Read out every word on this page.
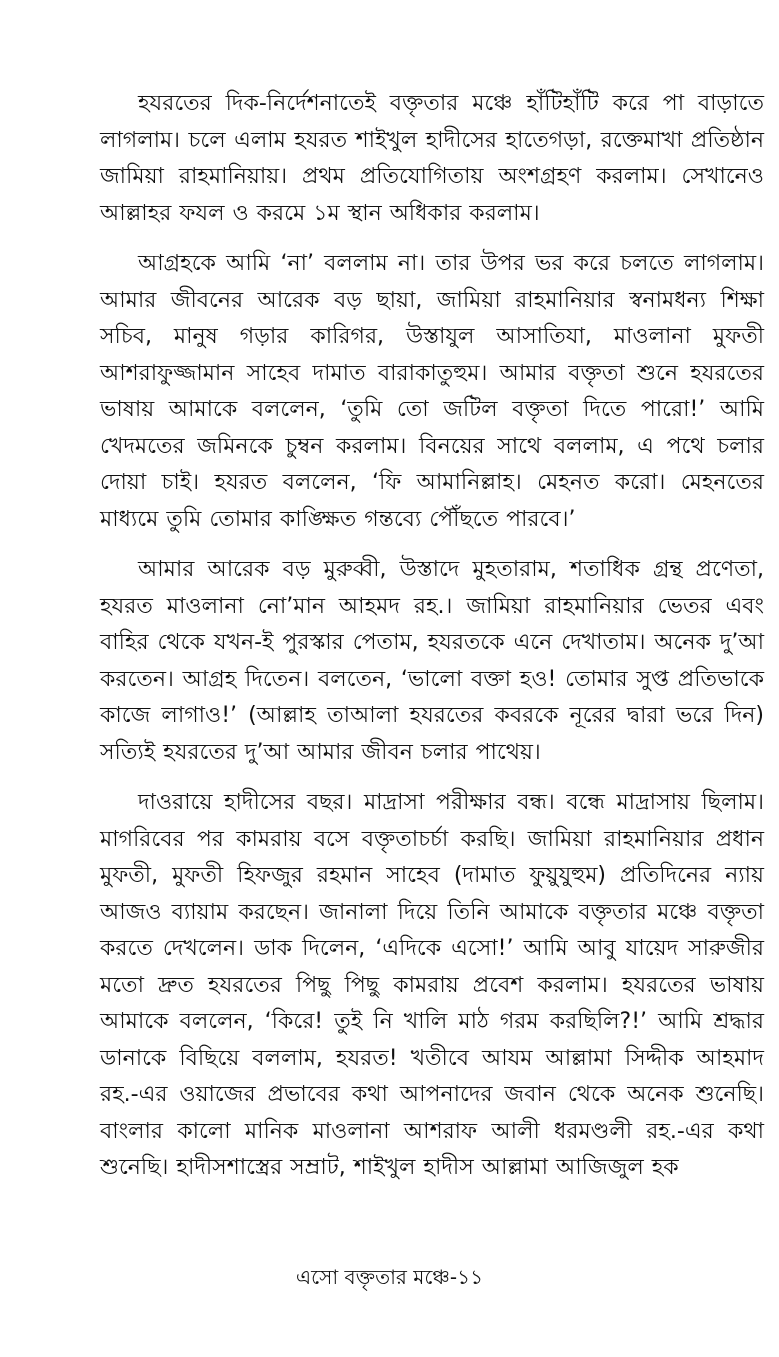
হযরতের দিক-নির্দেশনাতেই বক্তৃতার মঞ্চে হাঁটিহাঁটি করে পা বাড়াতে লাগলাম। চলে এলাম হযরত শাইখুল হাদীসের হাতেগড়া, রক্তেমাখা প্রতিষ্ঠান জামিয়া রাহমানিয়ায়। প্রথম প্রতিযোগিতায় অংশগ্রহণ করলাম। সেখানেও আল্লাহর ফযল ও করমে ১ম স্থান অধিকার করলাম।

আগ্রহকে আমি ‘না’ বললাম না। তার উপর ভর করে চলতে লাগলাম। আমার জীবনের আরেক বড় ছায়া, জামিয়া রাহমানিয়ার স্বনামধন্য শিক্ষা সচিব, মানুষ গড়ার কারিগর, উস্তাযুল আসাতিযা, মাওলানা মুফতী আশরাফুজ্জামান সাহেব দামাত বারাকাতুহুম। আমার বক্তৃতা শুনে হযরতের ভাষায় আমাকে বললেন, ‘তুমি তো জটিল বক্তৃতা দিতে পারো!’ আমি খেদমতের জমিনকে চুম্বন করলাম। বিনয়ের সাথে বললাম, এ পথে চলার দোয়া চাই। হযরত বললেন, ‘ফি আমানিল্লাহ। মেহনত করো। মেহনতের মাধ্যমে তুমি তোমার কাঙ্ক্ষিত গন্তব্যে পৌঁছতে পারবে।’

আমার আরেক বড় মুরুব্বী, উস্তাদে মুহতারাম, শতাধিক গ্রন্থ প্রণেতা, হযরত মাওলানা নো’মান আহমদ রহ.। জামিয়া রাহমানিয়ার ভেতর এবং বাহির থেকে যখন-ই পুরস্কার পেতাম, হযরতকে এনে দেখাতাম। অনেক দু’আ করতেন। আগ্রহ দিতেন। বলতেন, ‘ভালো বক্তা হও! তোমার সুপ্ত প্রতিভাকে কাজে লাগাও!’ (আল্লাহ তাআলা হযরতের কবরকে নূরের দ্বারা ভরে দিন) সত্যিই হযরতের দু’আ আমার জীবন চলার পাথেয়।

দাওরায়ে হাদীসের বছর। মাদ্রাসা পরীক্ষার বন্ধ। বন্ধে মাদ্রাসায় ছিলাম। মাগরিবের পর কামরায় বসে বক্তৃতাচর্চা করছি। জামিয়া রাহমানিয়ার প্রধান মুফতী, মুফতী হিফজুর রহমান সাহেব (দামাত ফুয়ুযুহুম) প্রতিদিনের ন্যায় আজও ব্যায়াম করছেন। জানালা দিয়ে তিনি আমাকে বক্তৃতার মঞ্চে বক্তৃতা করতে দেখলেন। ডাক দিলেন, ‘এদিকে এসো!’ আমি আবু যায়েদ সারুজীর মতো দ্রুত হযরতের পিছু পিছু কামরায় প্রবেশ করলাম। হযরতের ভাষায় আমাকে বললেন, ‘কিরে! তুই নি খালি মাঠ গরম করছিলি?!’ আমি শ্রদ্ধার ডানাকে বিছিয়ে বললাম, হযরত! খতীবে আযম আল্লামা সিদ্দীক আহমাদ রহ.-এর ওয়াজের প্রভাবের কথা আপনাদের জবান থেকে অনেক শুনেছি। বাংলার কালো মানিক মাওলানা আশরাফ আলী ধরমণ্ডলী রহ.-এর কথা শুনেছি। হাদীসশাস্ত্রের সম্রাট, শাইখুল হাদীস আল্লামা আজিজুল হক

এসো বক্তৃতার মঞ্চে-১১
